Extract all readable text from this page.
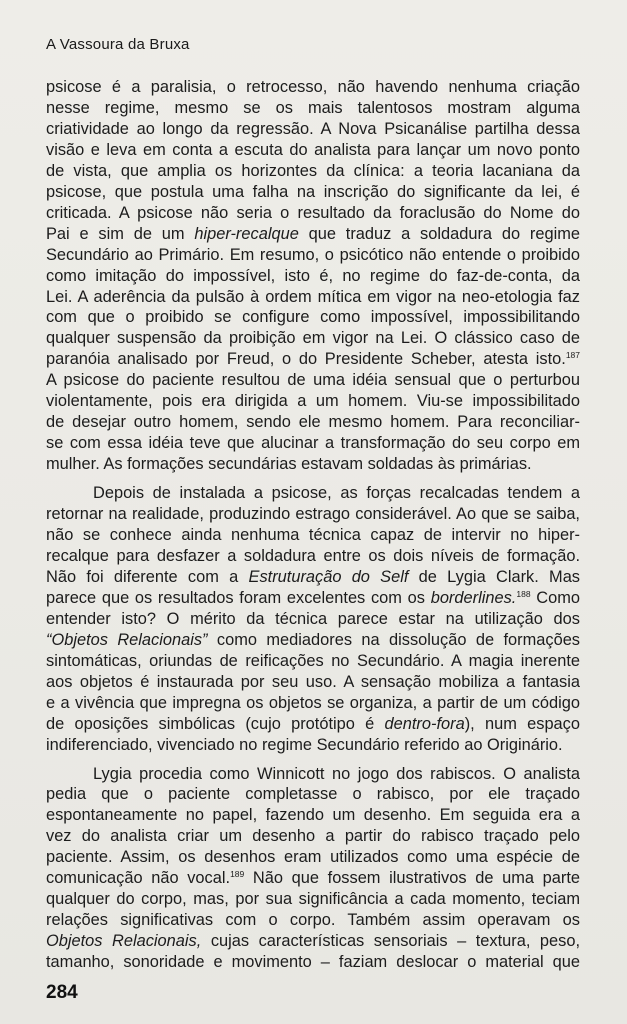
A Vassoura da Bruxa

psicose é a paralisia, o retrocesso, não havendo nenhuma criação
nesse regime, mesmo se os mais talentosos mostram alguma
criatividade ao longo da regressão. A Nova Psicanálise partilha dessa
visão e leva em conta a escuta do analista para lançar um novo ponto
de vista, que amplia os horizontes da clínica: a teoria lacaniana da
psicose, que postula uma falha na inscrição do significante da lei, é
criticada. A psicose não seria o resultado da foraclusão do Nome do
Pai e sim de um hiper-recalque que traduz a soldadura do regime
Secundário ao Primário. Em resumo, o psicótico não entende o proibido
como imitação do impossível, isto é, no regime do faz-de-conta, da
Lei. A aderência da pulsão à ordem mítica em vigor na neo-etologia faz
com que o proibido se configure como impossível, impossibilitando
qualquer suspensão da proibição em vigor na Lei. O clássico caso de
paranóia analisado por Freud, o do Presidente Scheber, atesta isto.$^{187}$
A psicose do paciente resultou de uma idéia sensual que o perturbou
violentamente, pois era dirigida a um homem. Viu-se impossibilitado
de desejar outro homem, sendo ele mesmo homem. Para reconciliar-
se com essa idéia teve que alucinar a transformação do seu corpo em
mulher. As formações secundárias estavam soldadas às primárias.

Depois de instalada a psicose, as forças recalcadas tendem a
retornar na realidade, produzindo estrago considerável. Ao que se saiba,
não se conhece ainda nenhuma técnica capaz de intervir no hiper-
recalque para desfazer a soldadura entre os dois níveis de formação.
Não foi diferente com a Estruturação do Self de Lygia Clark. Mas
parece que os resultados foram excelentes com os borderlines.$^{188}$ Como
entender isto? O mérito da técnica parece estar na utilização dos
“Objetos Relacionais” como mediadores na dissolução de formações
sintomáticas, oriundas de reificações no Secundário. A magia inerente
aos objetos é instaurada por seu uso. A sensação mobiliza a fantasia
e a vivência que impregna os objetos se organiza, a partir de um código
de oposições simbólicas (cujo protótipo é dentro-fora), num espaço
indiferenciado, vivenciado no regime Secundário referido ao Originário.

Lygia procedia como Winnicott no jogo dos rabiscos. O analista
pedia que o paciente completasse o rabisco, por ele traçado
espontaneamente no papel, fazendo um desenho. Em seguida era a
vez do analista criar um desenho a partir do rabisco traçado pelo
paciente. Assim, os desenhos eram utilizados como uma espécie de
comunicação não vocal.$^{189}$ Não que fossem ilustrativos de uma parte
qualquer do corpo, mas, por sua significância a cada momento, teciam
relações significativas com o corpo. Também assim operavam os
Objetos Relacionais, cujas características sensoriais – textura, peso,
tamanho, sonoridade e movimento – faziam deslocar o material que

284
